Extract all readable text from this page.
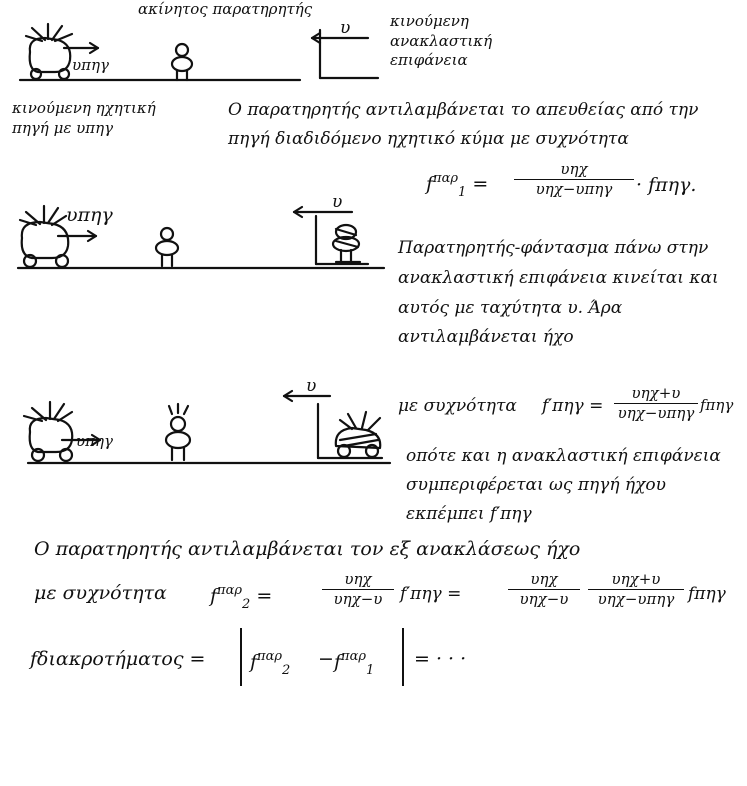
ακίνητος παρατηρητής
κινούμενη ανακλαστική επιφάνεια
κινούμενη ηχητική πηγή με υπηγ
υπηγ
υ
Ο παρατηρητής αντιλαμβάνεται το απευθείας από την πηγή διαδιδόμενο ηχητικό κύμα με συχνότητα
$f^{\pi\alpha\rho}_1$ =
υηχ
υηχ−υπηγ	· fπηγ.
υπηγ
υ
Παρατηρητής-φάντασμα πάνω στην ανακλαστική επιφάνεια κινείται και αυτός με ταχύτητα υ. Άρα αντιλαμβάνεται ήχο
με συχνότητα f′πηγ =
υηχ+υ
υηχ−υπηγ fπηγ
υπηγ
υ
οπότε και η ανακλαστική επιφάνεια συμπεριφέρεται ως πηγή ήχου εκπέμπει f′πηγ
Ο παρατηρητής αντιλαμβάνεται τον εξ ανακλάσεως ήχο
με συχνότητα $f^{\pi\alpha\rho}_2$ =
υηχ
υηχ−υ	f′πηγ =
υηχ
υηχ−υ
υηχ+υ
υηχ−υπηγ fπηγ
$f\delta\iota\alpha\kappa\rho o\tau ή\mu\alpha\tau o\varsigma = f^{\pi\alpha\rho}_2$
− $f^{\pi\alpha\rho}_1$
= · · ·
